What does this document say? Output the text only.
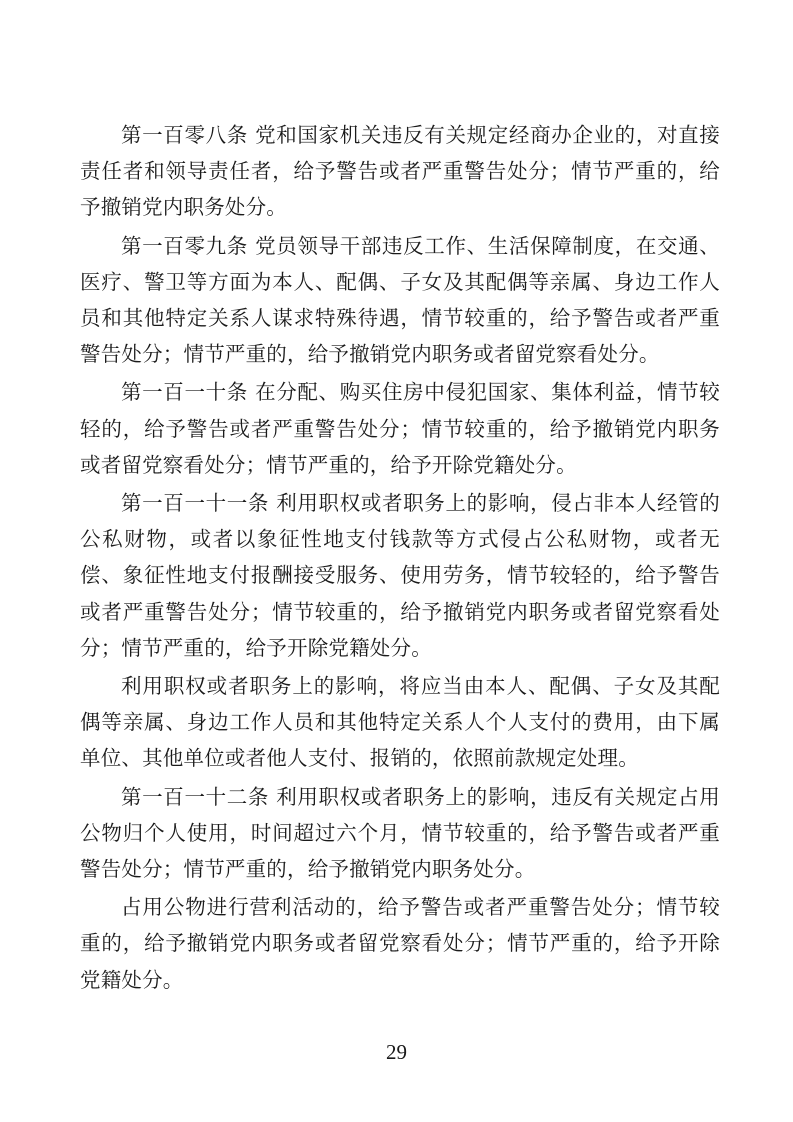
第一百零八条 党和国家机关违反有关规定经商办企业的，对直接责任者和领导责任者，给予警告或者严重警告处分；情节严重的，给予撤销党内职务处分。

第一百零九条 党员领导干部违反工作、生活保障制度，在交通、医疗、警卫等方面为本人、配偶、子女及其配偶等亲属、身边工作人员和其他特定关系人谋求特殊待遇，情节较重的，给予警告或者严重警告处分；情节严重的，给予撤销党内职务或者留党察看处分。

第一百一十条 在分配、购买住房中侵犯国家、集体利益，情节较轻的，给予警告或者严重警告处分；情节较重的，给予撤销党内职务或者留党察看处分；情节严重的，给予开除党籍处分。

第一百一十一条 利用职权或者职务上的影响，侵占非本人经管的公私财物，或者以象征性地支付钱款等方式侵占公私财物，或者无偿、象征性地支付报酬接受服务、使用劳务，情节较轻的，给予警告或者严重警告处分；情节较重的，给予撤销党内职务或者留党察看处分；情节严重的，给予开除党籍处分。

利用职权或者职务上的影响，将应当由本人、配偶、子女及其配偶等亲属、身边工作人员和其他特定关系人个人支付的费用，由下属单位、其他单位或者他人支付、报销的，依照前款规定处理。

第一百一十二条 利用职权或者职务上的影响，违反有关规定占用公物归个人使用，时间超过六个月，情节较重的，给予警告或者严重警告处分；情节严重的，给予撤销党内职务处分。

占用公物进行营利活动的，给予警告或者严重警告处分；情节较重的，给予撤销党内职务或者留党察看处分；情节严重的，给予开除党籍处分。

29
